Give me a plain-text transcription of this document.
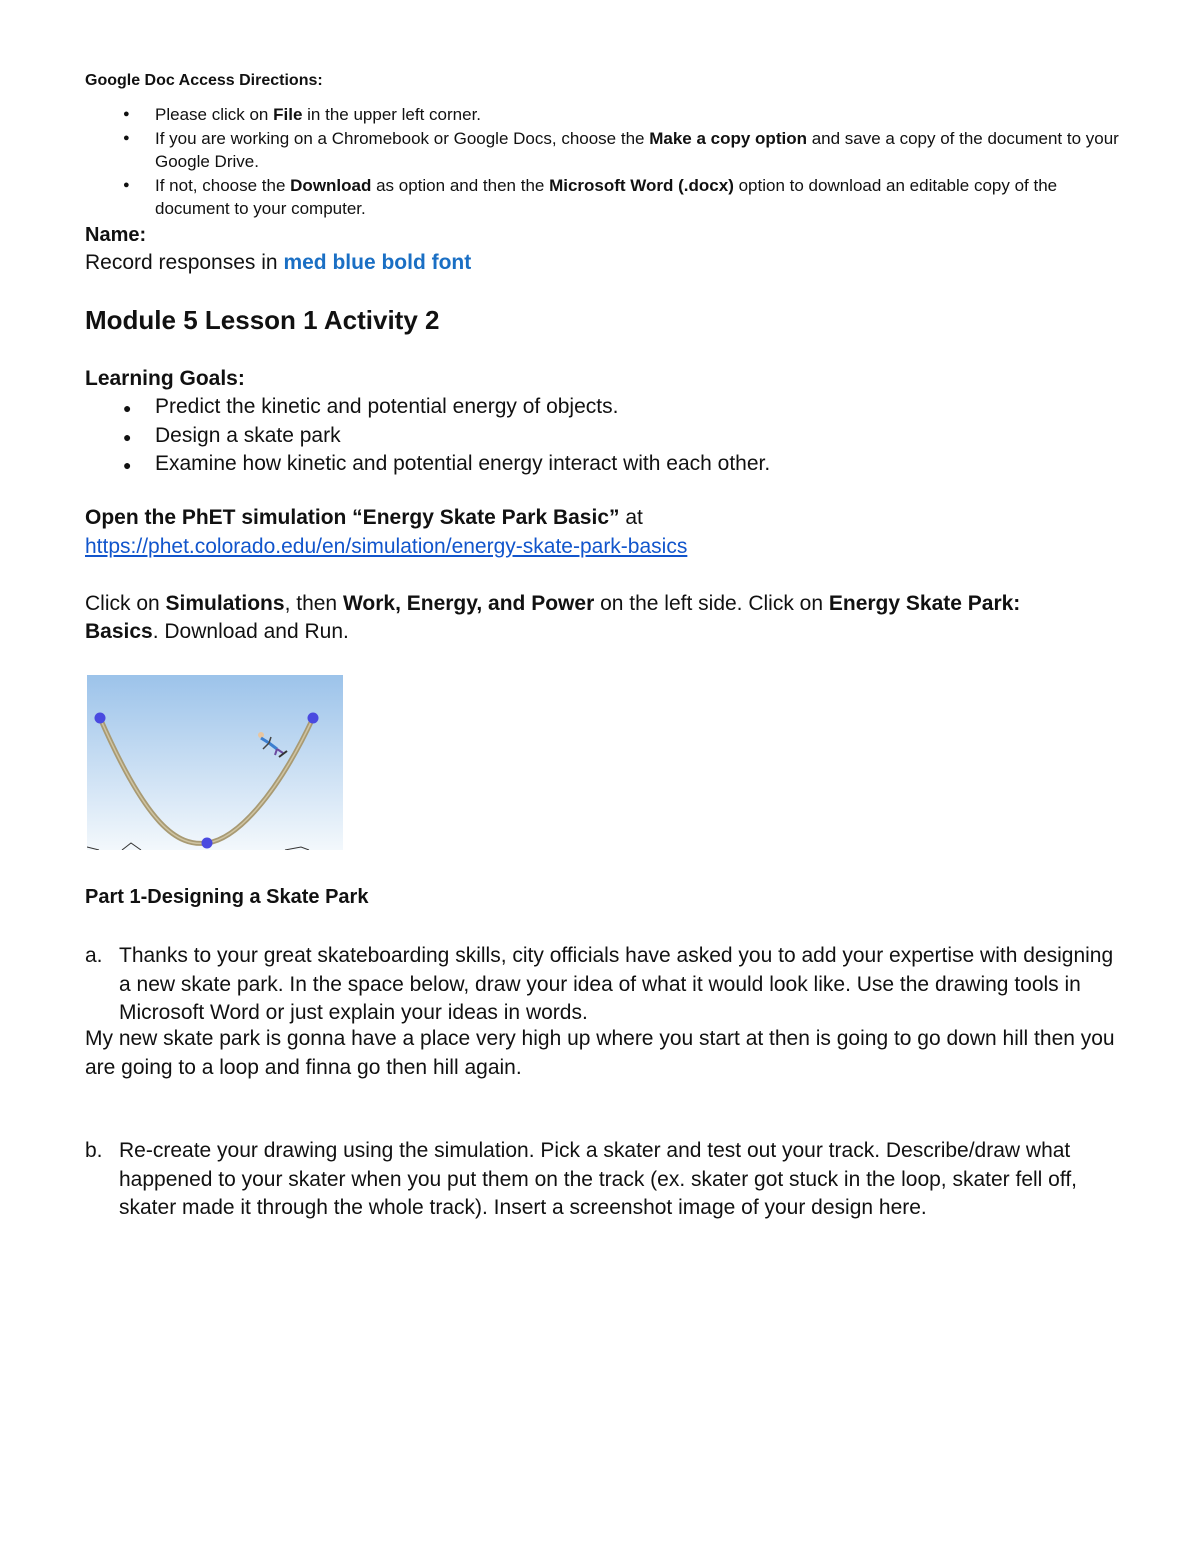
Google Doc Access Directions:
● Please click on File in the upper left corner.
● If you are working on a Chromebook or Google Docs, choose the Make a copy option and save a copy of the document to your Google Drive.
● If not, choose the Download as option and then the Microsoft Word (.docx) option to download an editable copy of the document to your computer.
Name:
Record responses in med blue bold font
Module 5 Lesson 1 Activity 2
Learning Goals:
● Predict the kinetic and potential energy of objects.
● Design a skate park
● Examine how kinetic and potential energy interact with each other.
Open the PhET simulation “Energy Skate Park Basic” at
https://phet.colorado.edu/en/simulation/energy-skate-park-basics
Click on Simulations, then Work, Energy, and Power on the left side. Click on Energy Skate Park: Basics. Download and Run.
Part 1-Designing a Skate Park
a. Thanks to your great skateboarding skills, city officials have asked you to add your expertise with designing a new skate park. In the space below, draw your idea of what it would look like. Use the drawing tools in Microsoft Word or just explain your ideas in words.
My new skate park is gonna have a place very high up where you start at then is going to go down hill then you are going to a loop and finna go then hill again.
b. Re-create your drawing using the simulation. Pick a skater and test out your track. Describe/draw what happened to your skater when you put them on the track (ex. skater got stuck in the loop, skater fell off, skater made it through the whole track). Insert a screenshot image of your design here.
